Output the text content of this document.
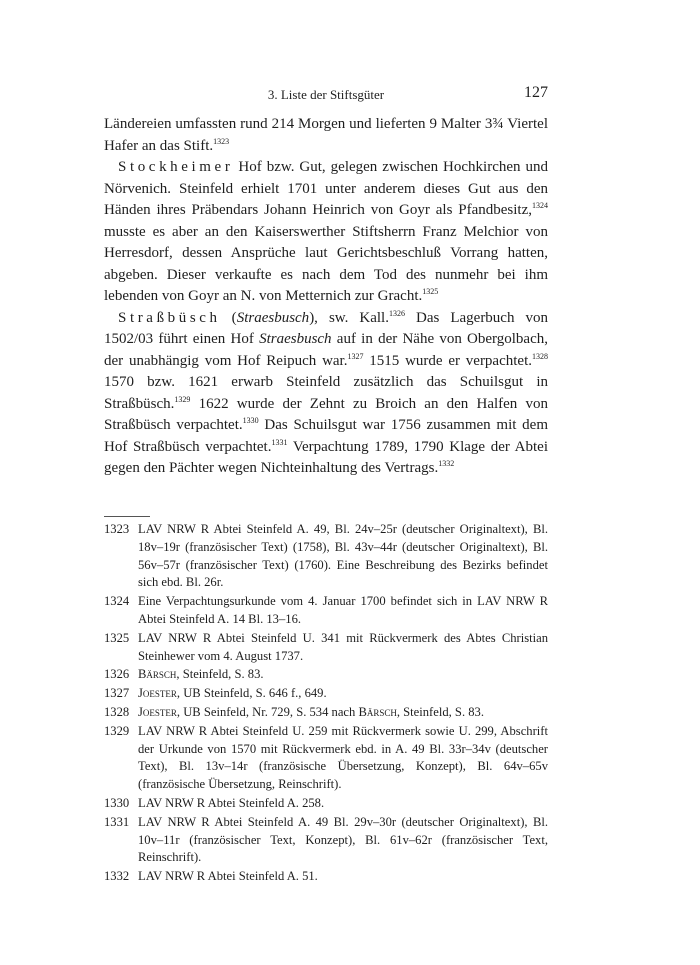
3. Liste der Stiftsgüter	127

Ländereien umfassten rund 214 Morgen und lieferten 9 Malter 3¾ Viertel Hafer an das Stift.$^{1323}$

Stockheimer Hof bzw. Gut, gelegen zwischen Hochkirchen und Nörvenich. Steinfeld erhielt 1701 unter anderem dieses Gut aus den Händen ihres Präbendars Johann Heinrich von Goyr als Pfandbesitz,$^{1324}$ musste es aber an den Kaiserswerther Stiftsherrn Franz Melchior von Herresdorf, dessen Ansprüche laut Gerichtsbeschluß Vorrang hatten, abgeben. Dieser verkaufte es nach dem Tod des nunmehr bei ihm lebenden von Goyr an N. von Metternich zur Gracht.$^{1325}$

Straßbüsch (Straesbusch), sw. Kall.$^{1326}$ Das Lagerbuch von 1502/03 führt einen Hof Straesbusch auf in der Nähe von Obergolbach, der unabhängig vom Hof Reipuch war.$^{1327}$ 1515 wurde er verpachtet.$^{1328}$ 1570 bzw. 1621 erwarb Steinfeld zusätzlich das Schuilsgut in Straßbüsch.$^{1329}$ 1622 wurde der Zehnt zu Broich an den Halfen von Straßbüsch verpachtet.$^{1330}$ Das Schuilsgut war 1756 zusammen mit dem Hof Straßbüsch verpachtet.$^{1331}$ Verpachtung 1789, 1790 Klage der Abtei gegen den Pächter wegen Nichteinhaltung des Vertrags.$^{1332}$

1323 LAV NRW R Abtei Steinfeld A. 49, Bl. 24v–25r (deutscher Originaltext), Bl. 18v–19r (französischer Text) (1758), Bl. 43v–44r (deutscher Originaltext), Bl. 56v–57r (französischer Text) (1760). Eine Beschreibung des Bezirks befindet sich ebd. Bl. 26r.
1324 Eine Verpachtungsurkunde vom 4. Januar 1700 befindet sich in LAV NRW R Abtei Steinfeld A. 14 Bl. 13–16.
1325 LAV NRW R Abtei Steinfeld U. 341 mit Rückvermerk des Abtes Christian Steinhewer vom 4. August 1737.
1326 Bärsch, Steinfeld, S. 83.
1327 Joester, UB Steinfeld, S. 646 f., 649.
1328 Joester, UB Seinfeld, Nr. 729, S. 534 nach Bärsch, Steinfeld, S. 83.
1329 LAV NRW R Abtei Steinfeld U. 259 mit Rückvermerk sowie U. 299, Abschrift der Urkunde von 1570 mit Rückvermerk ebd. in A. 49 Bl. 33r–34v (deutscher Text), Bl. 13v–14r (französische Übersetzung, Konzept), Bl. 64v–65v (französische Übersetzung, Reinschrift).
1330 LAV NRW R Abtei Steinfeld A. 258.
1331 LAV NRW R Abtei Steinfeld A. 49 Bl. 29v–30r (deutscher Originaltext), Bl. 10v–11r (französischer Text, Konzept), Bl. 61v–62r (französischer Text, Reinschrift).
1332 LAV NRW R Abtei Steinfeld A. 51.
